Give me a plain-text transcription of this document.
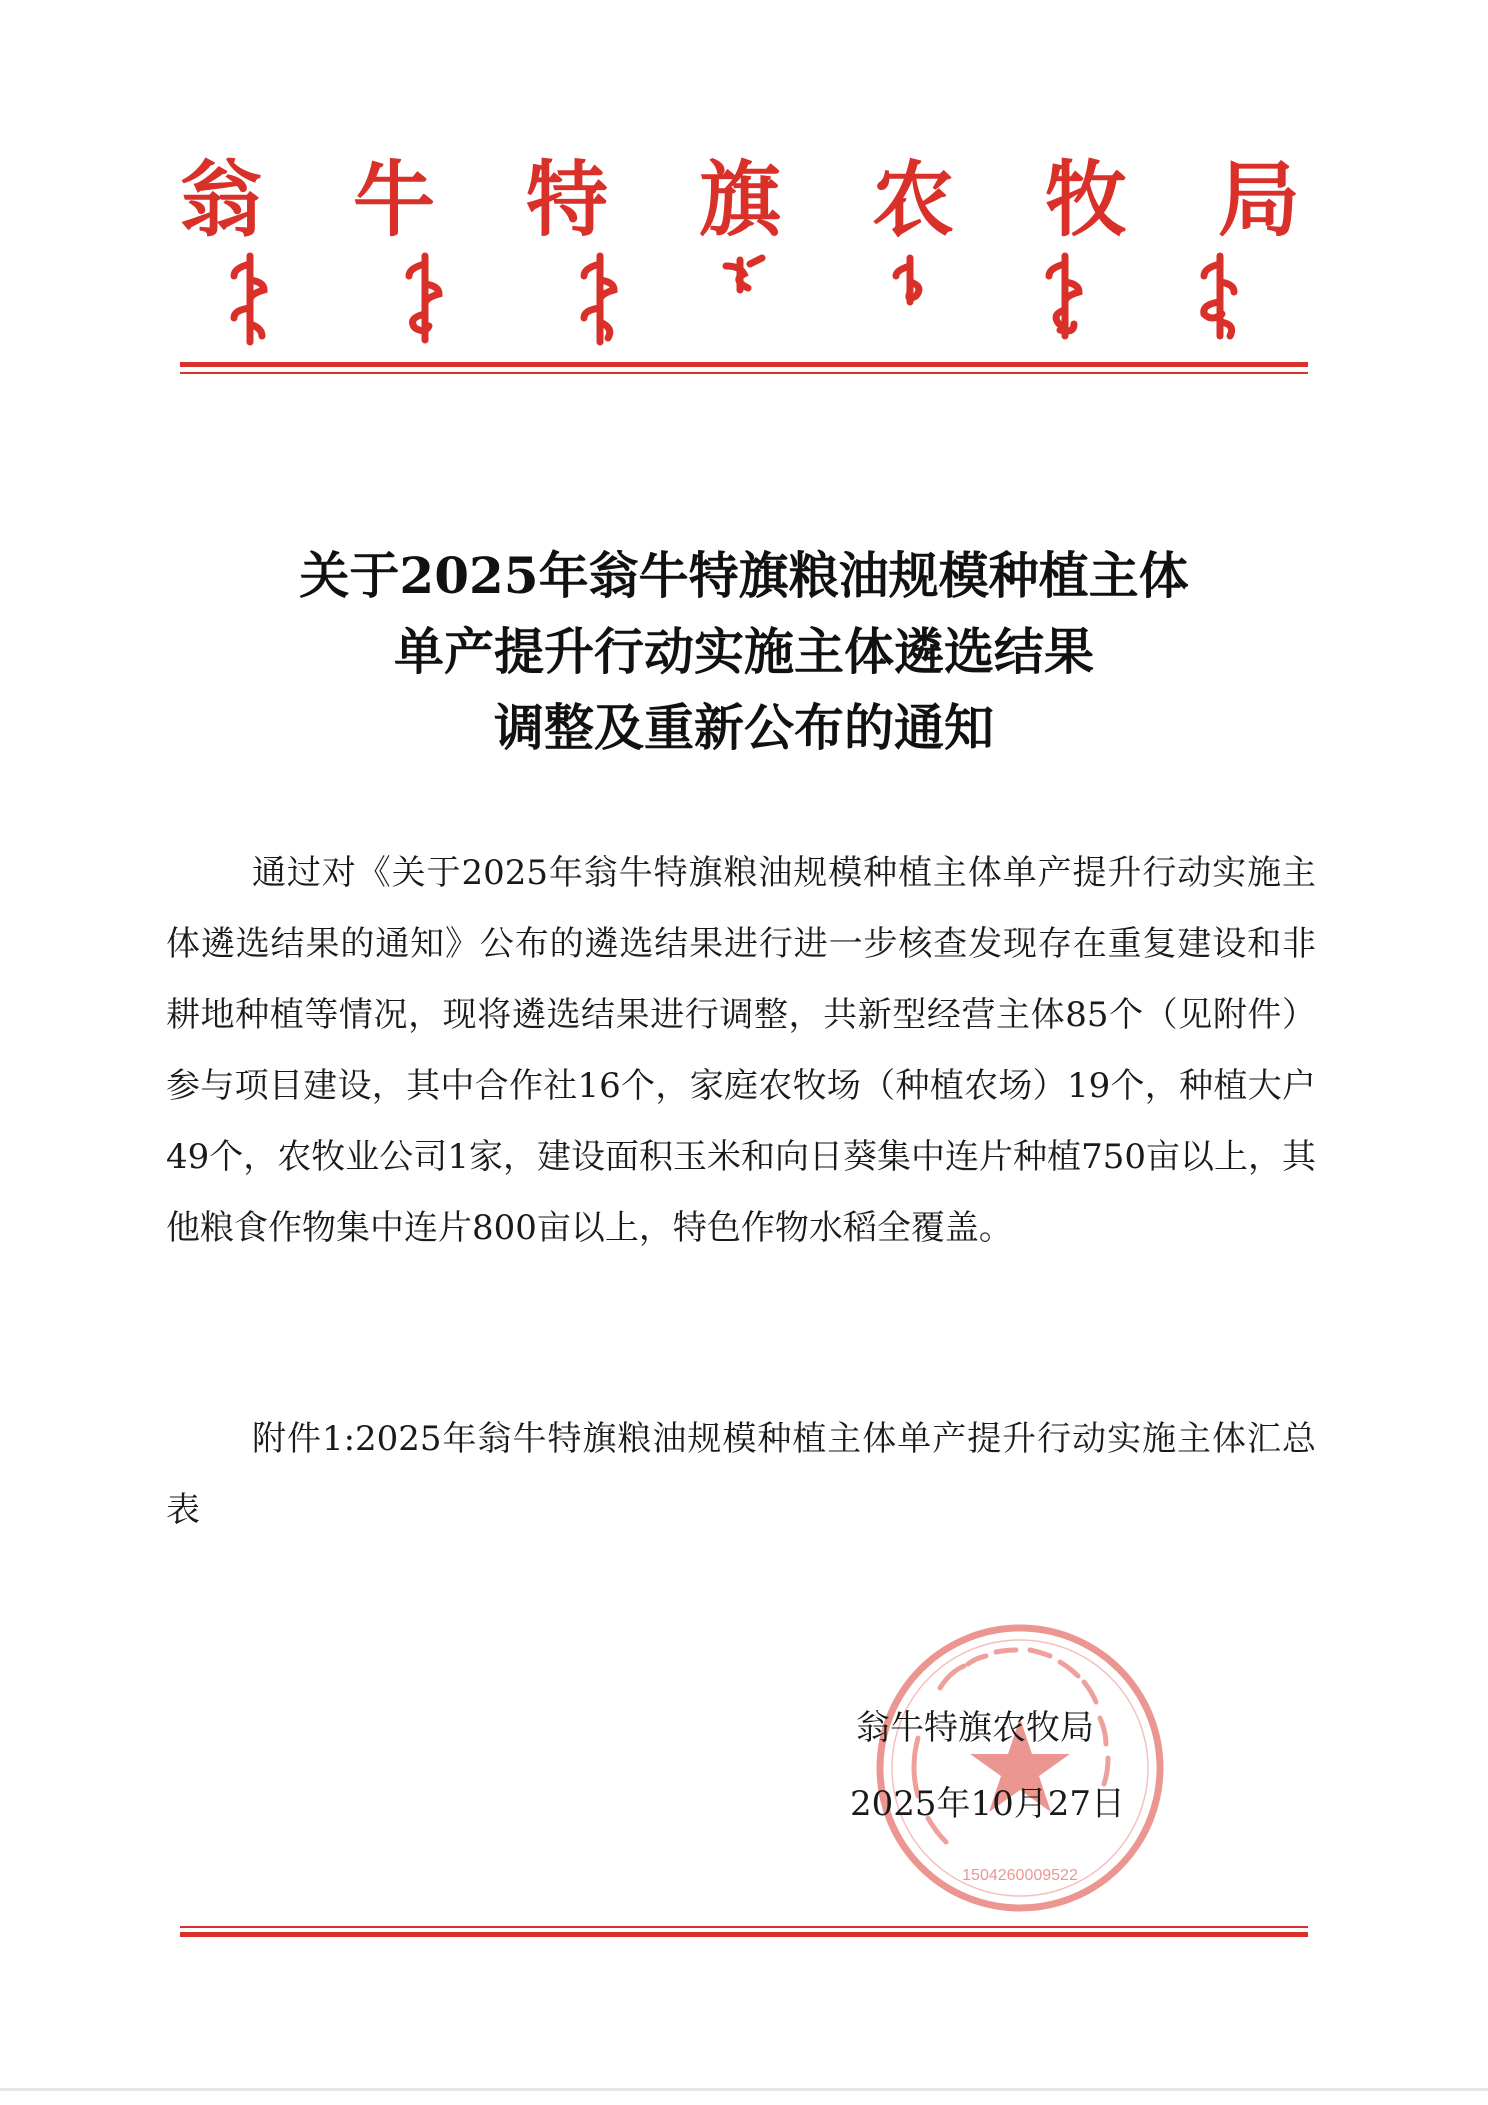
翁 牛 特 旗 农 牧 局
关于2025年翁牛特旗粮油规模种植主体
单产提升行动实施主体遴选结果
调整及重新公布的通知

通过对《关于2025年翁牛特旗粮油规模种植主体单产提升行动实施主体遴选结果的通知》公布的遴选结果进行进一步核查发现存在重复建设和非耕地种植等情况，现将遴选结果进行调整，共新型经营主体85个（见附件）参与项目建设，其中合作社16个，家庭农牧场（种植农场）19个，种植大户49个，农牧业公司1家，建设面积玉米和向日葵集中连片种植750亩以上，其他粮食作物集中连片800亩以上，特色作物水稻全覆盖。

附件1:2025年翁牛特旗粮油规模种植主体单产提升行动实施主体汇总表

1504260009522
翁牛特旗农牧局
2025年10月27日
